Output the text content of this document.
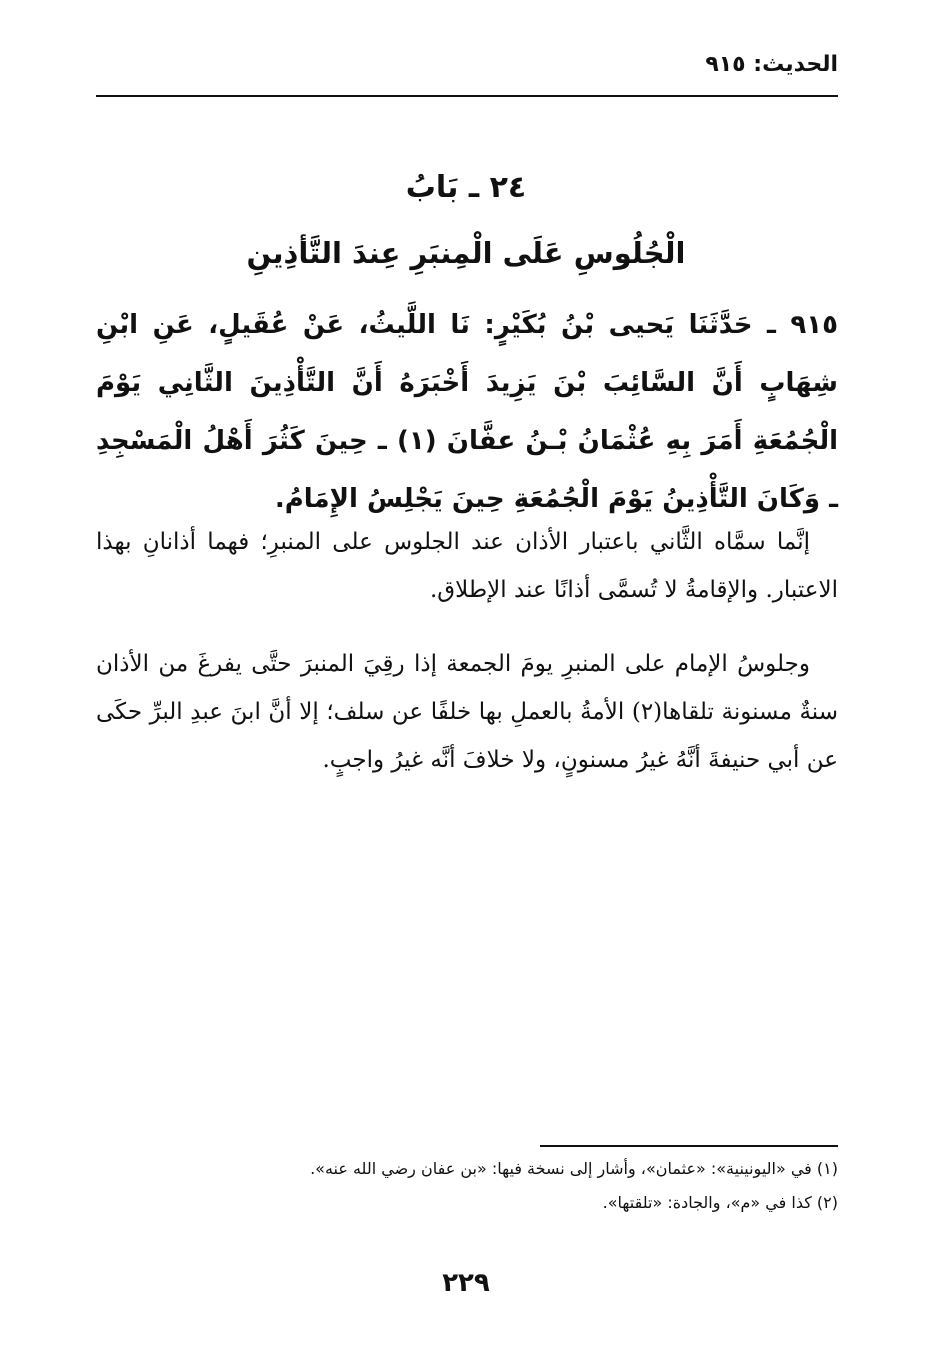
الحديث: ٩١٥
٢٤ ـ بَابُ
الْجُلُوسِ عَلَى الْمِنبَرِ عِندَ التَّأذِينِ

٩١٥ ـ حَدَّثَنَا يَحيى بْنُ بُكَيْرٍ: نَا اللَّيثُ، عَنْ عُقَيلٍ، عَنِ ابْنِ شِهَابٍ أَنَّ السَّائِبَ بْنَ يَزِيدَ أَخْبَرَهُ أَنَّ التَّأْذِينَ الثَّانِي يَوْمَ الْجُمُعَةِ أَمَرَ بِهِ عُثْمَانُ بْـنُ عفَّانَ (١) ـ حِينَ كَثُرَ أَهْلُ الْمَسْجِدِ ـ وَكَانَ التَّأْذِينُ يَوْمَ الْجُمُعَةِ حِينَ يَجْلِسُ الإِمَامُ.

إنَّما سمَّاه الثَّاني باعتبار الأذان عند الجلوس على المنبرِ؛ فهما أذانانِ بهذا الاعتبار. والإقامةُ لا تُسمَّى أذانًا عند الإطلاق.

وجلوسُ الإمام على المنبرِ يومَ الجمعة إذا رقِيَ المنبرَ حتَّى يفرغَ من الأذان سنةٌ مسنونة تلقاها(٢) الأمةُ بالعملِ بها خلفًا عن سلف؛ إلا أنَّ ابنَ عبدِ البرِّ حكَى عن أبي حنيفةَ أنَّهُ غيرُ مسنونٍ، ولا خلافَ أنَّه غيرُ واجبٍ.

(١) في «اليونينية»: «عثمان»، وأشار إلى نسخة فيها: «بن عفان رضي الله عنه».
(٢) كذا في «م»، والجادة: «تلقتها».
٢٢٩
